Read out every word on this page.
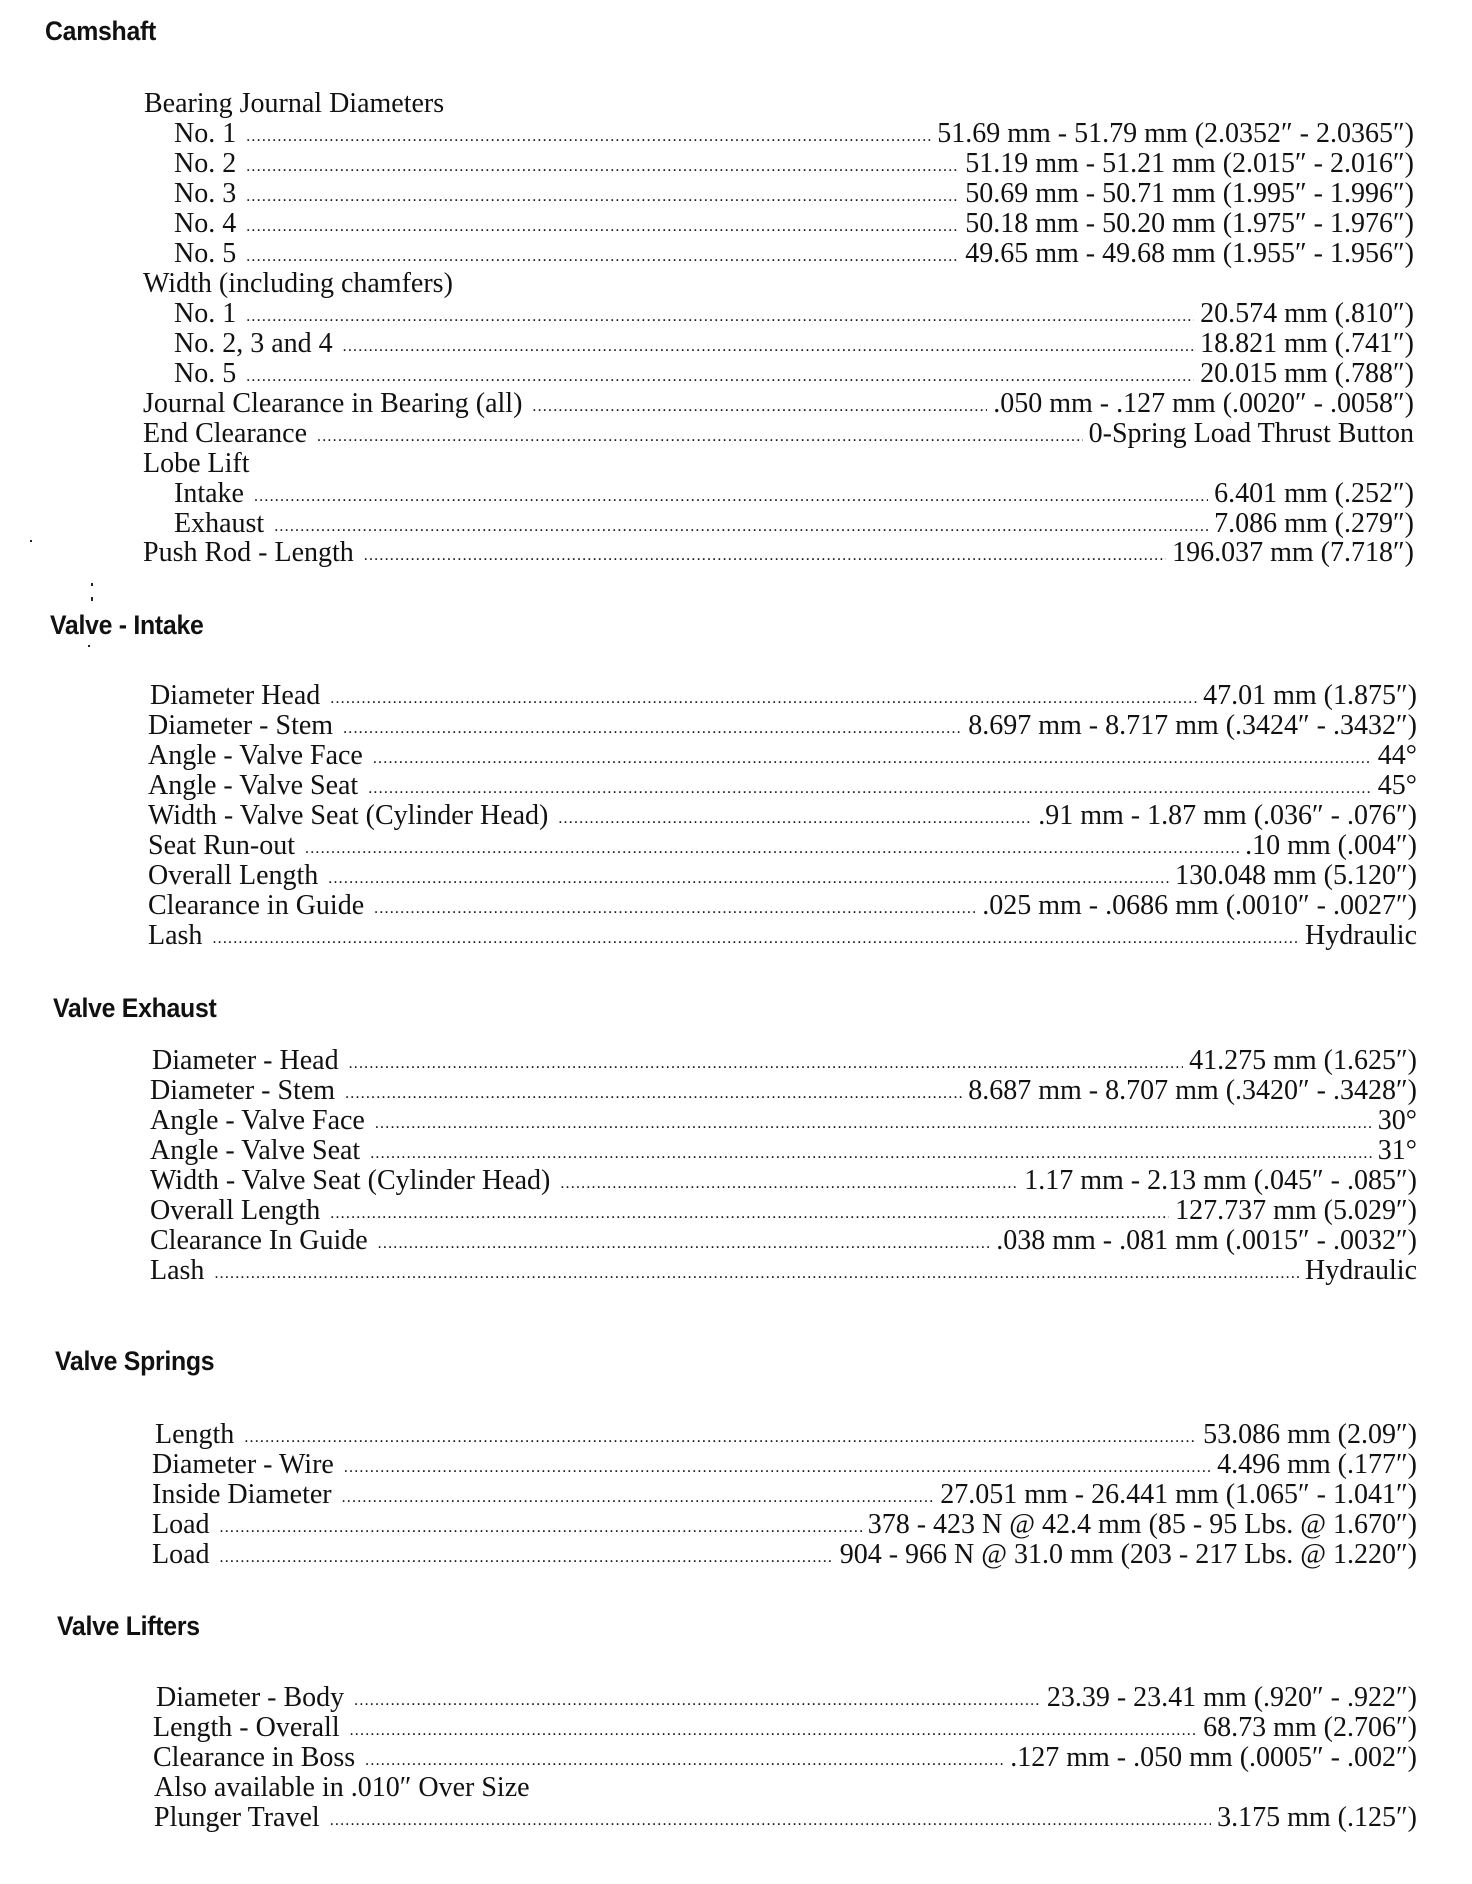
Camshaft
Bearing Journal Diameters
No. 1 .....	51.69 mm - 51.79 mm (2.0352″ - 2.0365″)
No. 2 .....	51.19 mm - 51.21 mm (2.015″ - 2.016″)
No. 3 .....	50.69 mm - 50.71 mm (1.995″ - 1.996″)
No. 4 .....	50.18 mm - 50.20 mm (1.975″ - 1.976″)
No. 5 .....	49.65 mm - 49.68 mm (1.955″ - 1.956″)
Width (including chamfers)
No. 1 .....	20.574 mm (.810″)
No. 2, 3 and 4 .....	18.821 mm (.741″)
No. 5 .....	20.015 mm (.788″)
Journal Clearance in Bearing (all) .....	.050 mm - .127 mm (.0020″ - .0058″)
End Clearance .....	0-Spring Load Thrust Button
Lobe Lift
Intake .....	6.401 mm (.252″)
Exhaust .....	7.086 mm (.279″)
Push Rod - Length .....	196.037 mm (7.718″)
Valve - Intake
Diameter Head .....	47.01 mm (1.875″)
Diameter - Stem .....	8.697 mm - 8.717 mm (.3424″ - .3432″)
Angle - Valve Face .....	44°
Angle - Valve Seat .....	45°
Width - Valve Seat (Cylinder Head) .....	.91 mm - 1.87 mm (.036″ - .076″)
Seat Run-out .....	.10 mm (.004″)
Overall Length .....	130.048 mm (5.120″)
Clearance in Guide .....	.025 mm - .0686 mm (.0010″ - .0027″)
Lash .....	Hydraulic
Valve Exhaust
Diameter - Head .....	41.275 mm (1.625″)
Diameter - Stem .....	8.687 mm - 8.707 mm (.3420″ - .3428″)
Angle - Valve Face .....	30°
Angle - Valve Seat .....	31°
Width - Valve Seat (Cylinder Head) .....	1.17 mm - 2.13 mm (.045″ - .085″)
Overall Length .....	127.737 mm (5.029″)
Clearance In Guide .....	.038 mm - .081 mm (.0015″ - .0032″)
Lash .....	Hydraulic
Valve Springs
Length .....	53.086 mm (2.09″)
Diameter - Wire .....	4.496 mm (.177″)
Inside Diameter .....	27.051 mm - 26.441 mm (1.065″ - 1.041″)
Load .....	378 - 423 N @ 42.4 mm (85 - 95 Lbs. @ 1.670″)
Load .....	904 - 966 N @ 31.0 mm (203 - 217 Lbs. @ 1.220″)
Valve Lifters
Diameter - Body .....	23.39 - 23.41 mm (.920″ - .922″)
Length - Overall .....	68.73 mm (2.706″)
Clearance in Boss .....	.127 mm - .050 mm (.0005″ - .002″)
Also available in .010″ Over Size
Plunger Travel .....	3.175 mm (.125″)
